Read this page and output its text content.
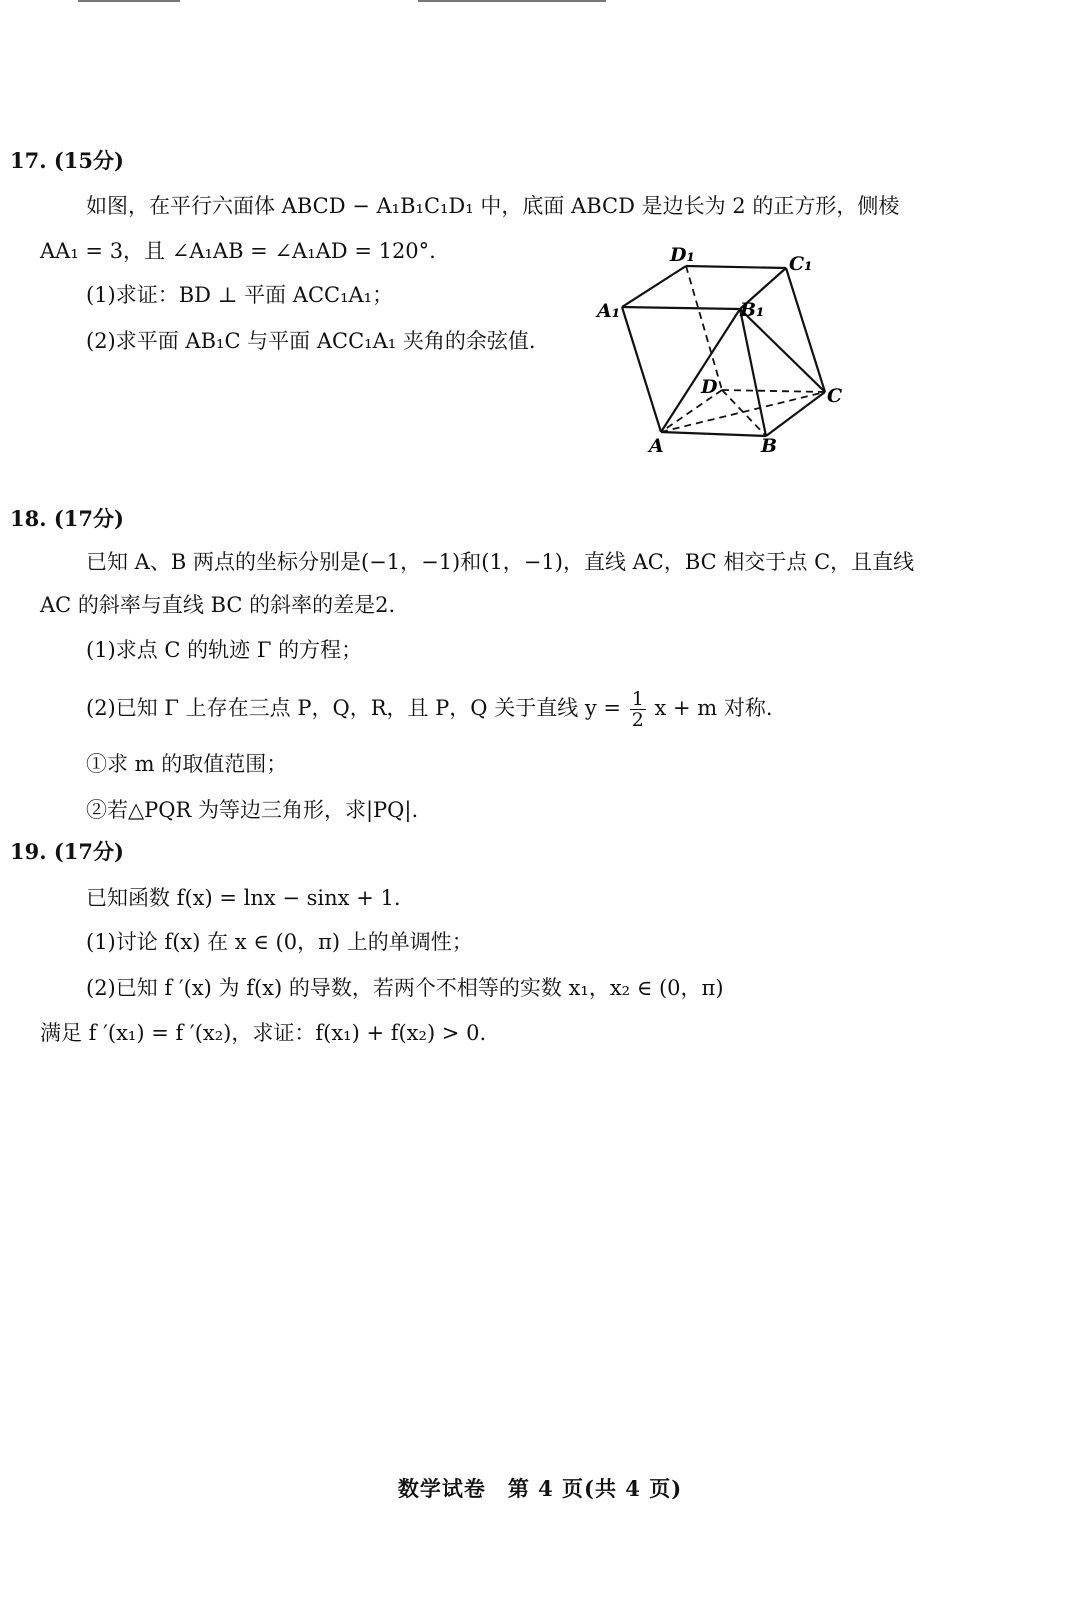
17. (15分)
如图，在平行六面体 ABCD − A₁B₁C₁D₁ 中，底面 ABCD 是边长为 2 的正方形，侧棱
AA₁ = 3，且 ∠A₁AB = ∠A₁AD = 120°.
(1)求证：BD ⊥ 平面 ACC₁A₁；
(2)求平面 AB₁C 与平面 ACC₁A₁ 夹角的余弦值.
D₁	C₁
A₁	B₁
D	C
A	B
18. (17分)
已知 A、B 两点的坐标分别是(−1，−1)和(1，−1)，直线 AC，BC 相交于点 C，且直线
AC 的斜率与直线 BC 的斜率的差是2.
(1)求点 C 的轨迹 Γ 的方程；
(2)已知 Γ 上存在三点 P，Q，R，且 P，Q 关于直线 $y = \frac{1}{2}$ x + m 对称.
①求 m 的取值范围；
②若△PQR 为等边三角形，求|PQ|.
19. (17分)
已知函数 f(x) = lnx − sinx + 1.
(1)讨论 f(x) 在 x ∈ (0，π) 上的单调性；
(2)已知 f ′(x) 为 f(x) 的导数，若两个不相等的实数 x₁，x₂ ∈ (0，π)
满足 f ′(x₁) = f ′(x₂)，求证：f(x₁) + f(x₂) > 0.
数学试卷 第 4 页(共 4 页)
